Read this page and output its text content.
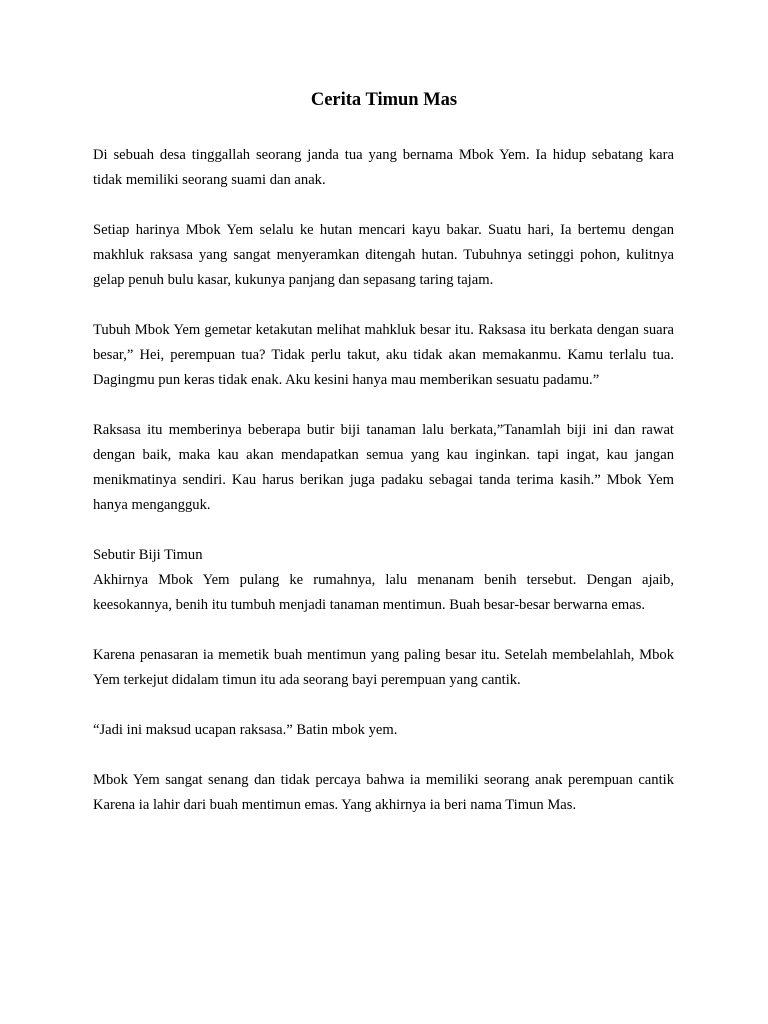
Cerita Timun Mas

Di sebuah desa tinggallah seorang janda tua yang bernama Mbok Yem. Ia hidup sebatang kara tidak memiliki seorang suami dan anak.

Setiap harinya Mbok Yem selalu ke hutan mencari kayu bakar. Suatu hari, Ia bertemu dengan makhluk raksasa yang sangat menyeramkan ditengah hutan. Tubuhnya setinggi pohon, kulitnya gelap penuh bulu kasar, kukunya panjang dan sepasang taring tajam.

Tubuh Mbok Yem gemetar ketakutan melihat mahkluk besar itu. Raksasa itu berkata dengan suara besar,” Hei, perempuan tua? Tidak perlu takut, aku tidak akan memakanmu. Kamu terlalu tua. Dagingmu pun keras tidak enak. Aku kesini hanya mau memberikan sesuatu padamu.”

Raksasa itu memberinya beberapa butir biji tanaman lalu berkata,”Tanamlah biji ini dan rawat dengan baik, maka kau akan mendapatkan semua yang kau inginkan. tapi ingat, kau jangan menikmatinya sendiri. Kau harus berikan juga padaku sebagai tanda terima kasih.” Mbok Yem hanya mengangguk.

Sebutir Biji Timun

Akhirnya Mbok Yem pulang ke rumahnya, lalu menanam benih tersebut. Dengan ajaib, keesokannya, benih itu tumbuh menjadi tanaman mentimun. Buah besar-besar berwarna emas.

Karena penasaran ia memetik buah mentimun yang paling besar itu. Setelah membelahlah, Mbok Yem terkejut didalam timun itu ada seorang bayi perempuan yang cantik.

“Jadi ini maksud ucapan raksasa.” Batin mbok yem.

Mbok Yem sangat senang dan tidak percaya bahwa ia memiliki seorang anak perempuan cantik Karena ia lahir dari buah mentimun emas. Yang akhirnya ia beri nama Timun Mas.
